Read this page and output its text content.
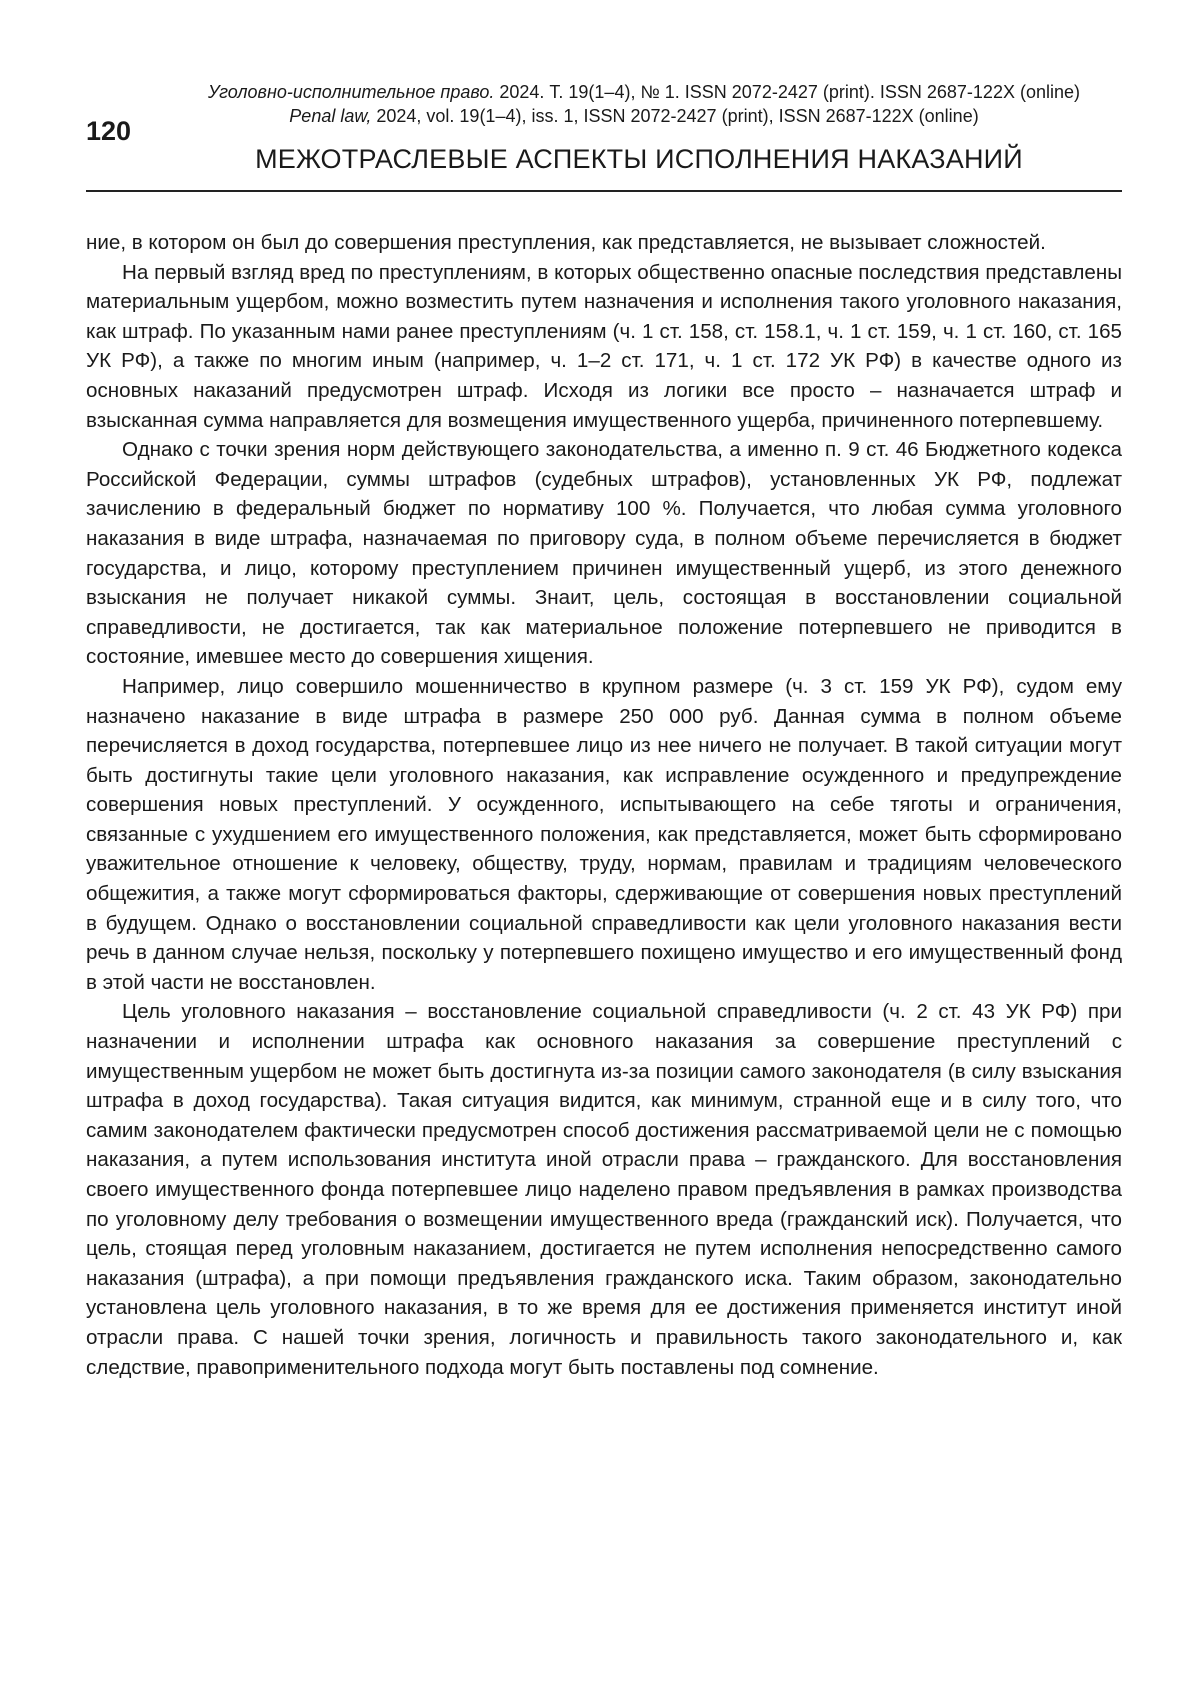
Уголовно-исполнительное право. 2024. Т. 19(1–4), № 1. ISSN 2072-2427 (print). ISSN 2687-122X (online)
Penal law, 2024, vol. 19(1–4), iss. 1, ISSN 2072-2427 (print), ISSN 2687-122X (online)
120
МЕЖОТРАСЛЕВЫЕ АСПЕКТЫ ИСПОЛНЕНИЯ НАКАЗАНИЙ

ние, в котором он был до совершения преступления, как представляется, не вызывает сложностей.

На первый взгляд вред по преступлениям, в которых общественно опасные последствия представлены материальным ущербом, можно возместить путем назначения и исполнения такого уголовного наказания, как штраф. По указанным нами ранее преступлениям (ч. 1 ст. 158, ст. 158.1, ч. 1 ст. 159, ч. 1 ст. 160, ст. 165 УК РФ), а также по многим иным (например, ч. 1–2 ст. 171, ч. 1 ст. 172 УК РФ) в качестве одного из основных наказаний предусмотрен штраф. Исходя из логики все просто – назначается штраф и взысканная сумма направляется для возмещения имущественного ущерба, причиненного потерпевшему.

Однако с точки зрения норм действующего законодательства, а именно п. 9 ст. 46 Бюджетного кодекса Российской Федерации, суммы штрафов (судебных штрафов), установленных УК РФ, подлежат зачислению в федеральный бюджет по нормативу 100 %. Получается, что любая сумма уголовного наказания в виде штрафа, назначаемая по приговору суда, в полном объеме перечисляется в бюджет государства, и лицо, которому преступлением причинен имущественный ущерб, из этого денежного взыскания не получает никакой суммы. Знаит, цель, состоящая в восстановлении социальной справедливости, не достигается, так как материальное положение потерпевшего не приводится в состояние, имевшее место до совершения хищения.

Например, лицо совершило мошенничество в крупном размере (ч. 3 ст. 159 УК РФ), судом ему назначено наказание в виде штрафа в размере 250 000 руб. Данная сумма в полном объеме перечисляется в доход государства, потерпевшее лицо из нее ничего не получает. В такой ситуации могут быть достигнуты такие цели уголовного наказания, как исправление осужденного и предупреждение совершения новых преступлений. У осужденного, испытывающего на себе тяготы и ограничения, связанные с ухудшением его имущественного положения, как представляется, может быть сформировано уважительное отношение к человеку, обществу, труду, нормам, правилам и традициям человеческого общежития, а также могут сформироваться факторы, сдерживающие от совершения новых преступлений в будущем. Однако о восстановлении социальной справедливости как цели уголовного наказания вести речь в данном случае нельзя, поскольку у потерпевшего похищено имущество и его имущественный фонд в этой части не восстановлен.

Цель уголовного наказания – восстановление социальной справедливости (ч. 2 ст. 43 УК РФ) при назначении и исполнении штрафа как основного наказания за совершение преступлений с имущественным ущербом не может быть достигнута из-за позиции самого законодателя (в силу взыскания штрафа в доход государства). Такая ситуация видится, как минимум, странной еще и в силу того, что самим законодателем фактически предусмотрен способ достижения рассматриваемой цели не с помощью наказания, а путем использования института иной отрасли права – гражданского. Для восстановления своего имущественного фонда потерпевшее лицо наделено правом предъявления в рамках производства по уголовному делу требования о возмещении имущественного вреда (гражданский иск). Получается, что цель, стоящая перед уголовным наказанием, достигается не путем исполнения непосредственно самого наказания (штрафа), а при помощи предъявления гражданского иска. Таким образом, законодательно установлена цель уголовного наказания, в то же время для ее достижения применяется институт иной отрасли права. С нашей точки зрения, логичность и правильность такого законодательного и, как следствие, правоприменительного подхода могут быть поставлены под сомнение.
